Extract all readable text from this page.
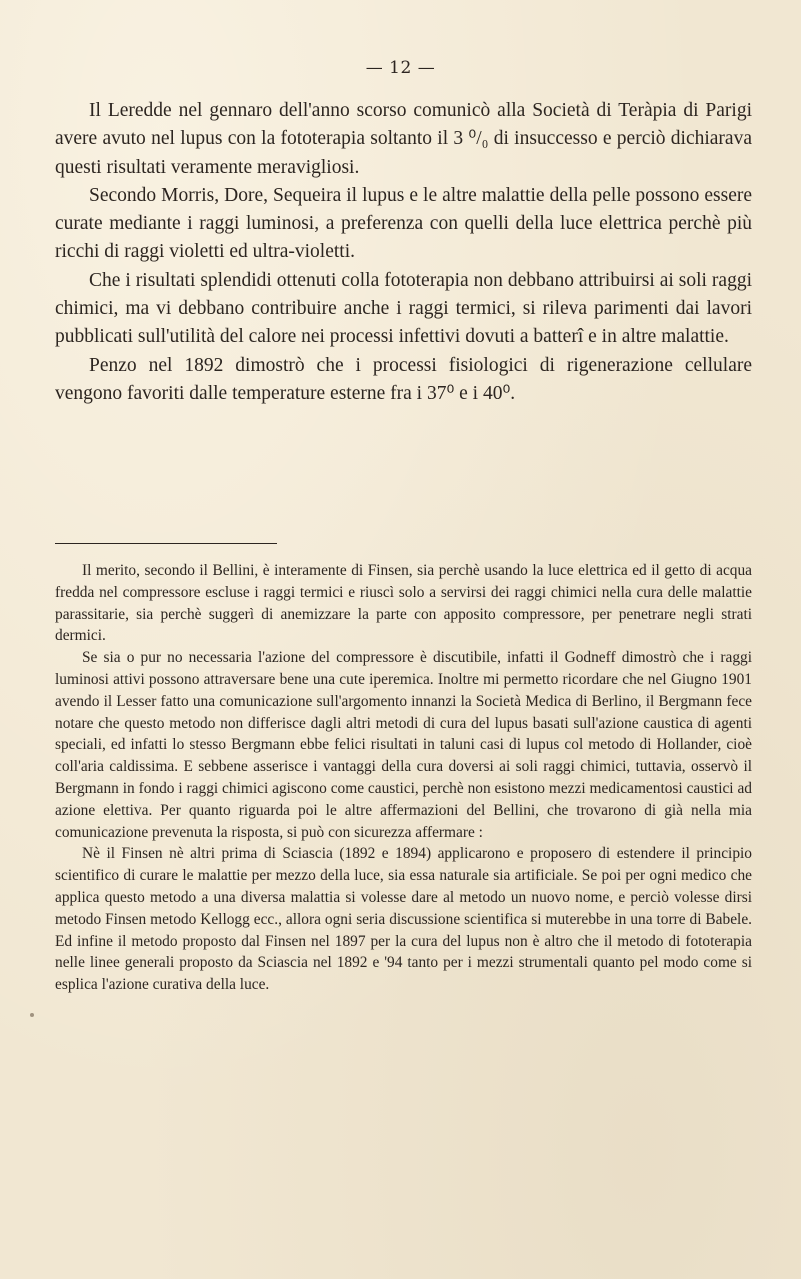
— 12 —

Il Leredde nel gennaro dell'anno scorso comunicò alla Società di Teràpia di Parigi avere avuto nel lupus con la fototerapia soltanto il 3 ⁰/₀ di insuccesso e perciò dichiarava questi risultati veramente meravigliosi.

Secondo Morris, Dore, Sequeira il lupus e le altre malattie della pelle possono essere curate mediante i raggi luminosi, a preferenza con quelli della luce elettrica perchè più ricchi di raggi violetti ed ultra-violetti.

Che i risultati splendidi ottenuti colla fototerapia non debbano attribuirsi ai soli raggi chimici, ma vi debbano contribuire anche i raggi termici, si rileva parimenti dai lavori pubblicati sull'utilità del calore nei processi infettivi dovuti a batterî e in altre malattie.

Penzo nel 1892 dimostrò che i processi fisiologici di rigenerazione cellulare vengono favoriti dalle temperature esterne fra i 37⁰ e i 40⁰.

Il merito, secondo il Bellini, è interamente di Finsen, sia perchè usando la luce elettrica ed il getto di acqua fredda nel compressore escluse i raggi termici e riuscì solo a servirsi dei raggi chimici nella cura delle malattie parassitarie, sia perchè suggerì di anemizzare la parte con apposito compressore, per penetrare negli strati dermici.

Se sia o pur no necessaria l'azione del compressore è discutibile, infatti il Godneff dimostrò che i raggi luminosi attivi possono attraversare bene una cute iperemica. Inoltre mi permetto ricordare che nel Giugno 1901 avendo il Lesser fatto una comunicazione sull'argomento innanzi la Società Medica di Berlino, il Bergmann fece notare che questo metodo non differisce dagli altri metodi di cura del lupus basati sull'azione caustica di agenti speciali, ed infatti lo stesso Bergmann ebbe felici risultati in taluni casi di lupus col metodo di Hollander, cioè coll'aria caldissima. E sebbene asserisce i vantaggi della cura doversi ai soli raggi chimici, tuttavia, osservò il Bergmann in fondo i raggi chimici agiscono come caustici, perchè non esistono mezzi medicamentosi caustici ad azione elettiva. Per quanto riguarda poi le altre affermazioni del Bellini, che trovarono di già nella mia comunicazione prevenuta la risposta, si può con sicurezza affermare :

Nè il Finsen nè altri prima di Sciascia (1892 e 1894) applicarono e proposero di estendere il principio scientifico di curare le malattie per mezzo della luce, sia essa naturale sia artificiale. Se poi per ogni medico che applica questo metodo a una diversa malattia si volesse dare al metodo un nuovo nome, e perciò volesse dirsi metodo Finsen metodo Kellogg ecc., allora ogni seria discussione scientifica si muterebbe in una torre di Babele. Ed infine il metodo proposto dal Finsen nel 1897 per la cura del lupus non è altro che il metodo di fototerapia nelle linee generali proposto da Sciascia nel 1892 e '94 tanto per i mezzi strumentali quanto pel modo come si esplica l'azione curativa della luce.
